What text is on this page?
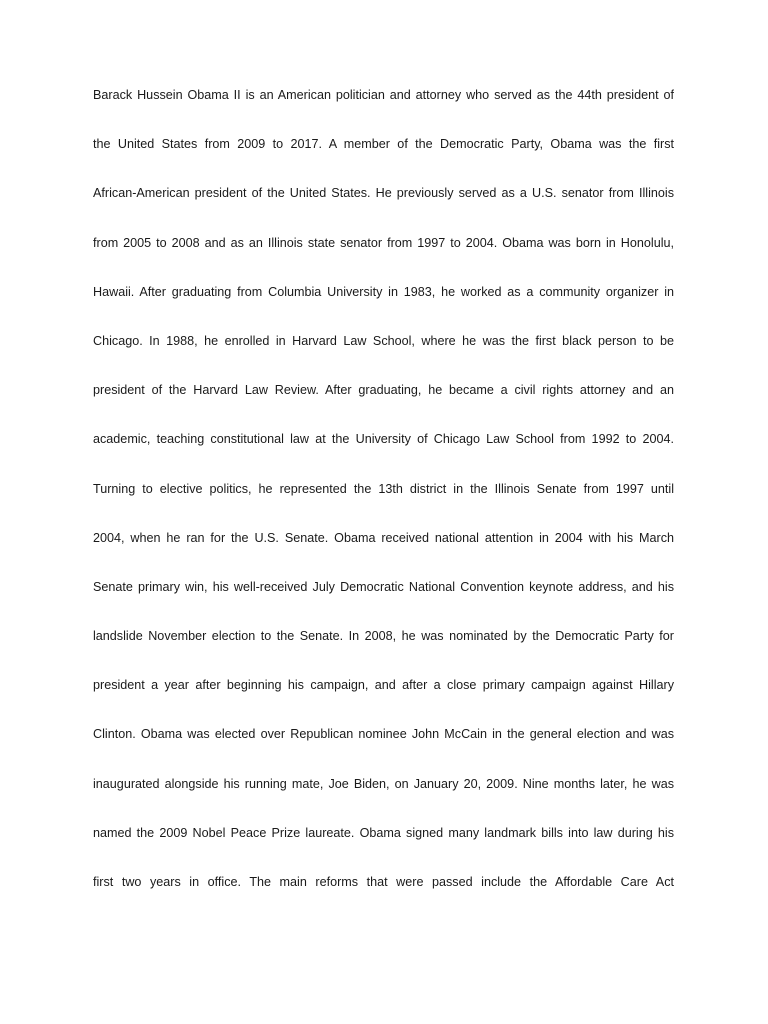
Barack Hussein Obama II is an American politician and attorney who served as the 44th president of
the United States from 2009 to 2017. A member of the Democratic Party, Obama was the first
African-American president of the United States. He previously served as a U.S. senator from Illinois
from 2005 to 2008 and as an Illinois state senator from 1997 to 2004. Obama was born in Honolulu,
Hawaii. After graduating from Columbia University in 1983, he worked as a community organizer in
Chicago. In 1988, he enrolled in Harvard Law School, where he was the first black person to be
president of the Harvard Law Review. After graduating, he became a civil rights attorney and an
academic, teaching constitutional law at the University of Chicago Law School from 1992 to 2004.
Turning to elective politics, he represented the 13th district in the Illinois Senate from 1997 until
2004, when he ran for the U.S. Senate. Obama received national attention in 2004 with his March
Senate primary win, his well-received July Democratic National Convention keynote address, and his
landslide November election to the Senate. In 2008, he was nominated by the Democratic Party for
president a year after beginning his campaign, and after a close primary campaign against Hillary
Clinton. Obama was elected over Republican nominee John McCain in the general election and was
inaugurated alongside his running mate, Joe Biden, on January 20, 2009. Nine months later, he was
named the 2009 Nobel Peace Prize laureate. Obama signed many landmark bills into law during his
first two years in office. The main reforms that were passed include the Affordable Care Act
